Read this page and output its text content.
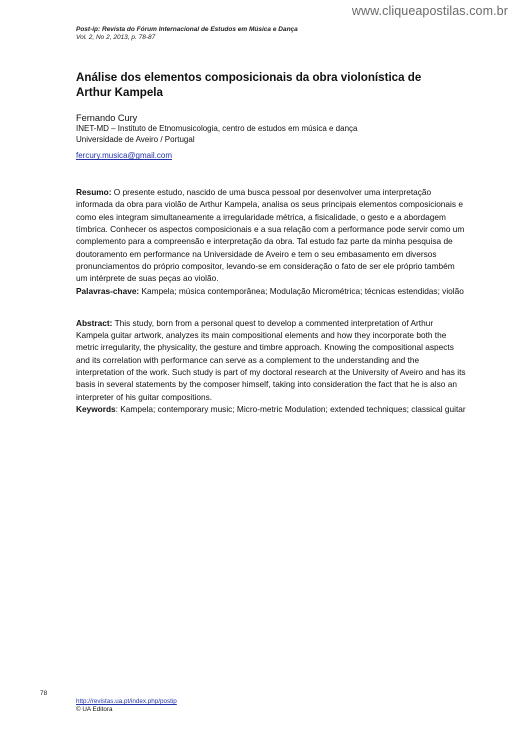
www.cliqueapostilas.com.br
Post-ip: Revista do Fórum Internacional de Estudos em Música e Dança
Vol. 2, No 2, 2013, p. 78-87
Análise dos elementos composicionais da obra violonística de Arthur Kampela
Fernando Cury
INET-MD – Instituto de Etnomusicologia, centro de estudos em música e dança
Universidade de Aveiro / Portugal
fercury.musica@gmail.com
Resumo: O presente estudo, nascido de uma busca pessoal por desenvolver uma interpretação informada da obra para violão de Arthur Kampela, analisa os seus principais elementos composicionais e como eles integram simultaneamente a irregularidade métrica, a fisicalidade, o gesto e a abordagem tímbrica. Conhecer os aspectos composicionais e a sua relação com a performance pode servir como um complemento para a compreensão e interpretação da obra. Tal estudo faz parte da minha pesquisa de doutoramento em performance na Universidade de Aveiro e tem o seu embasamento em diversos pronunciamentos do próprio compositor, levando-se em consideração o fato de ser ele próprio também um intérprete de suas peças ao violão.
Palavras-chave: Kampela; música contemporânea; Modulação Micrométrica; técnicas estendidas; violão
Abstract: This study, born from a personal quest to develop a commented interpretation of Arthur Kampela guitar artwork, analyzes its main compositional elements and how they incorporate both the metric irregularity, the physicality, the gesture and timbre approach. Knowing the compositional aspects and its correlation with performance can serve as a complement to the understanding and the interpretation of the work. Such study is part of my doctoral research at the University of Aveiro and has its basis in several statements by the composer himself, taking into consideration the fact that he is also an interpreter of his guitar compositions.
Keywords: Kampela; contemporary music; Micro-metric Modulation; extended techniques; classical guitar
78
http://revistas.ua.pt/index.php/postip
© UA Editora
